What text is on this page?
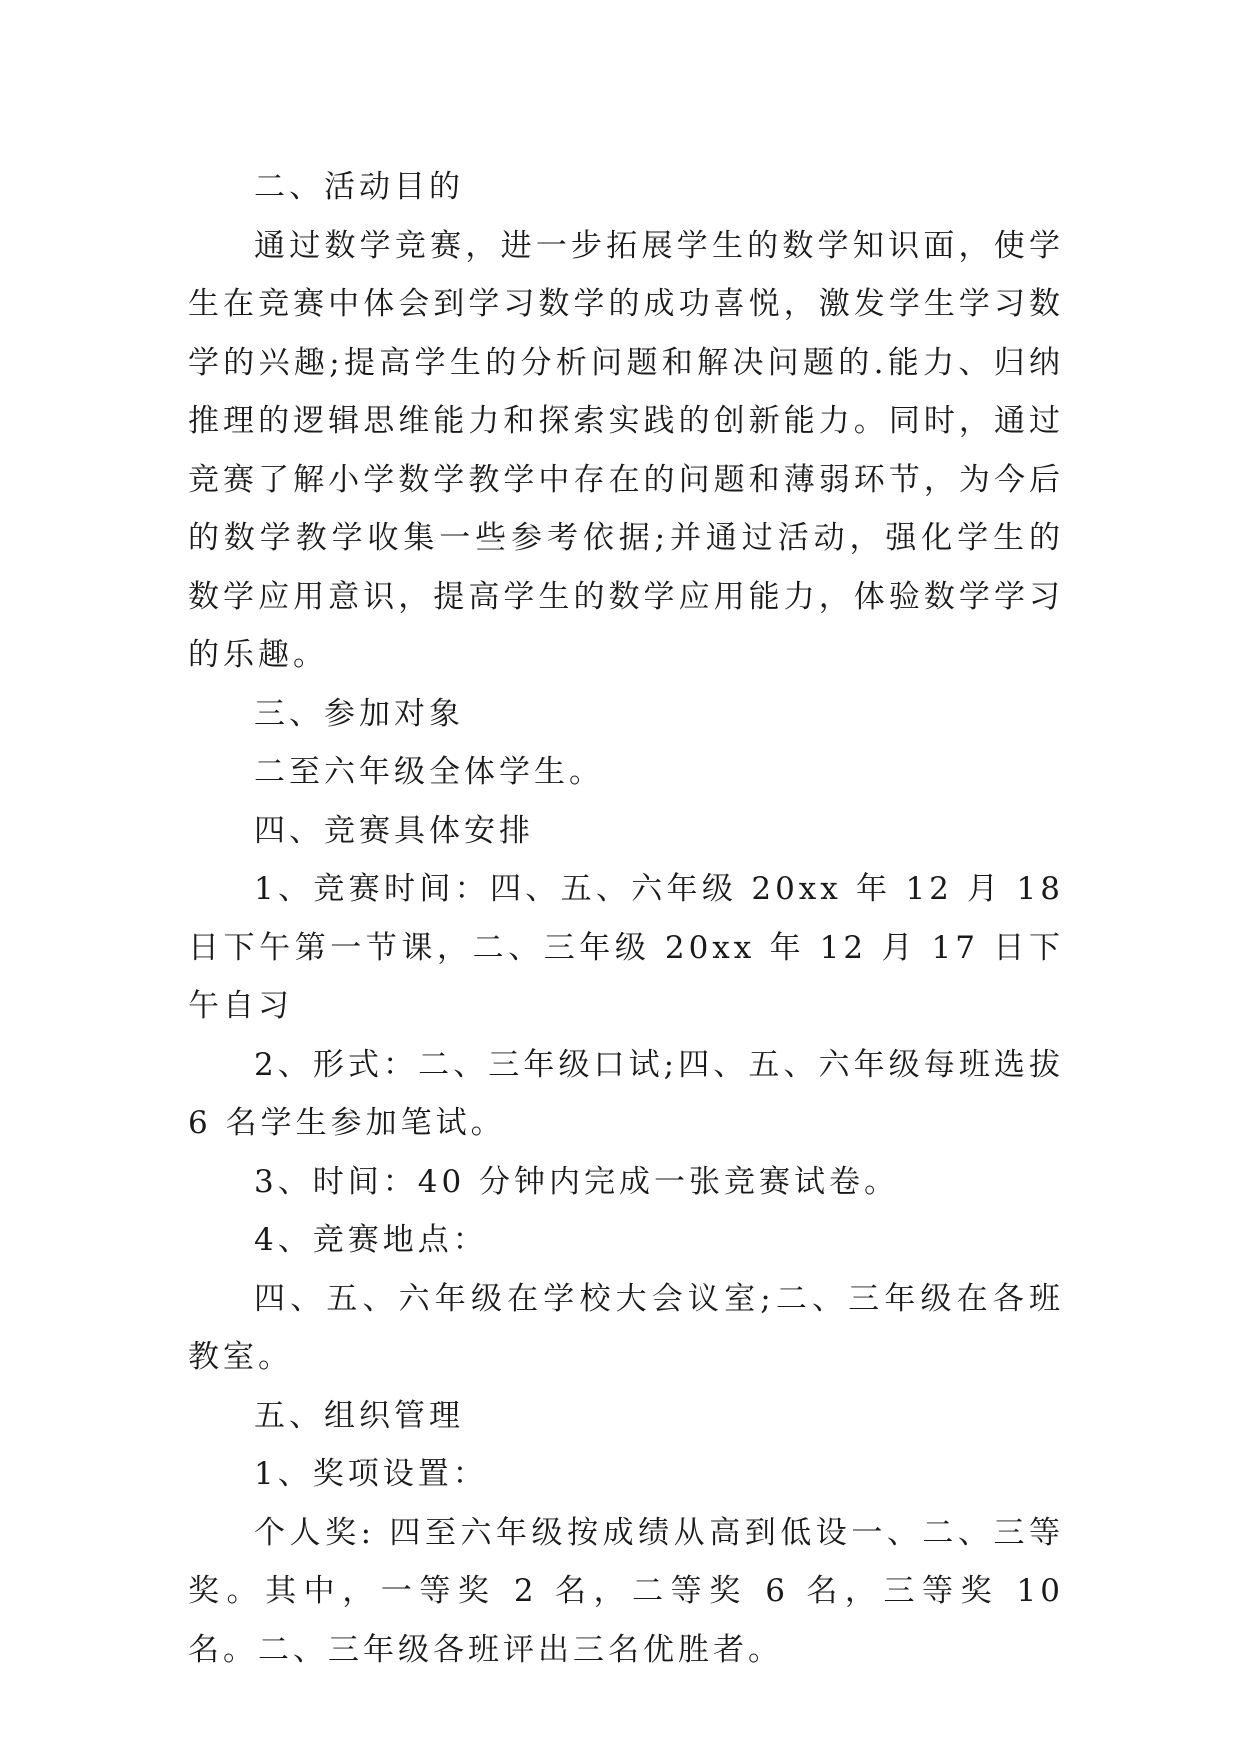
二、活动目的

通过数学竞赛，进一步拓展学生的数学知识面，使学生在竞赛中体会到学习数学的成功喜悦，激发学生学习数学的兴趣;提高学生的分析问题和解决问题的.能力、归纳推理的逻辑思维能力和探索实践的创新能力。同时，通过竞赛了解小学数学教学中存在的问题和薄弱环节，为今后的数学教学收集一些参考依据;并通过活动，强化学生的数学应用意识，提高学生的数学应用能力，体验数学学习的乐趣。

三、参加对象

二至六年级全体学生。

四、竞赛具体安排

1、竞赛时间：四、五、六年级 20xx 年 12 月 18 日下午第一节课，二、三年级 20xx 年 12 月 17 日下午自习

2、形式：二、三年级口试;四、五、六年级每班选拔 6 名学生参加笔试。

3、时间：40 分钟内完成一张竞赛试卷。

4、竞赛地点：

四、五、六年级在学校大会议室;二、三年级在各班教室。

五、组织管理

1、奖项设置：

个人奖: 四至六年级按成绩从高到低设一、二、三等奖。其中，一等奖 2 名，二等奖 6 名，三等奖 10 名。二、三年级各班评出三名优胜者。
